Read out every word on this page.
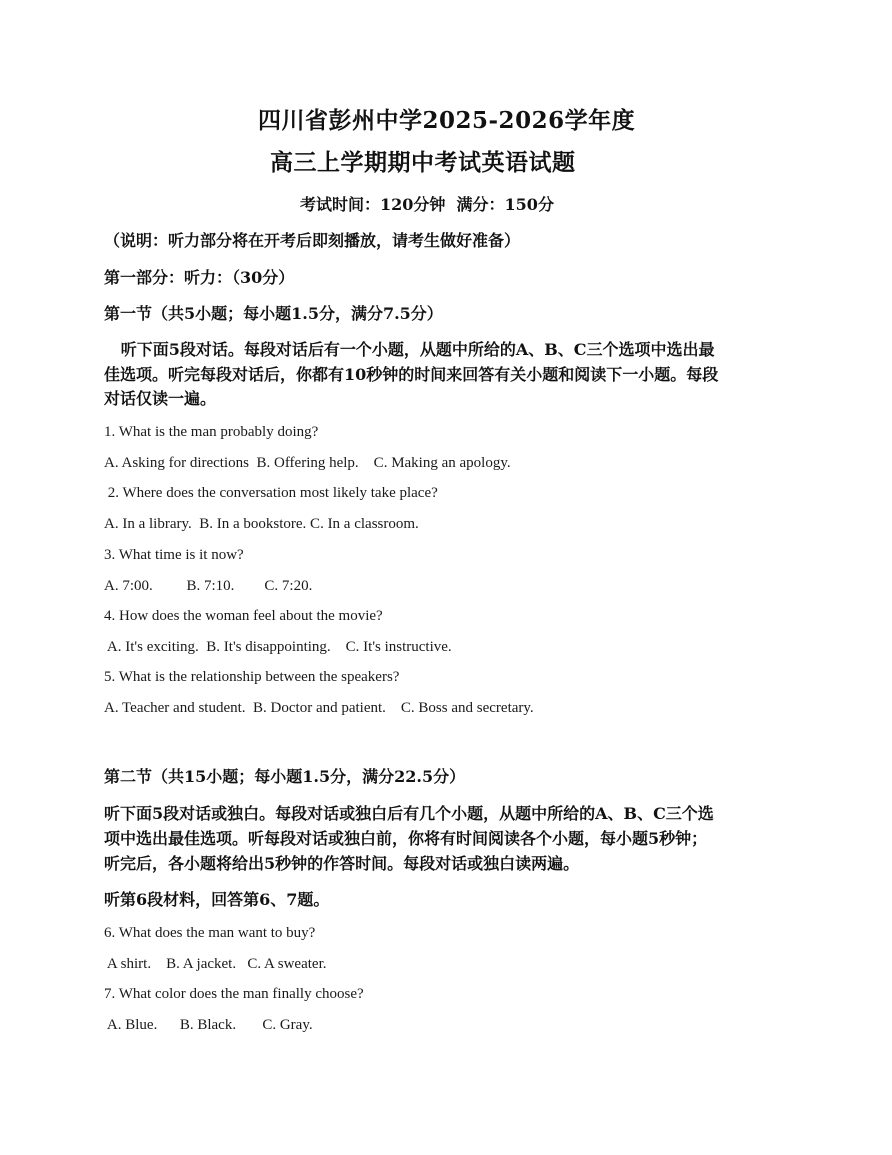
四川省彭州中学2025-2026学年度
高三上学期期中考试英语试题
考试时间：120分钟  满分：150分
（说明：听力部分将在开考后即刻播放，请考生做好准备）
第一部分：听力：（30分）
第一节（共5小题；每小题1.5分，满分7.5分）
听下面5段对话。每段对话后有一个小题，从题中所给的A、B、C三个选项中选出最
佳选项。听完每段对话后，你都有10秒钟的时间来回答有关小题和阅读下一小题。每段
对话仅读一遍。
1. What is the man probably doing?
A. Asking for directions  B. Offering help.    C. Making an apology.
2. Where does the conversation most likely take place?
A. In a library.  B. In a bookstore. C. In a classroom.
3. What time is it now?
A. 7:00.         B. 7:10.        C. 7:20.
4. How does the woman feel about the movie?
A. It's exciting.  B. It's disappointing.    C. It's instructive.
5. What is the relationship between the speakers?
A. Teacher and student.  B. Doctor and patient.    C. Boss and secretary.
第二节（共15小题；每小题1.5分，满分22.5分）
听下面5段对话或独白。每段对话或独白后有几个小题，从题中所给的A、B、C三个选
项中选出最佳选项。听每段对话或独白前，你将有时间阅读各个小题，每小题5秒钟；
听完后，各小题将给出5秒钟的作答时间。每段对话或独白读两遍。
听第6段材料，回答第6、7题。
6. What does the man want to buy?
A shirt.    B. A jacket.   C. A sweater.
7. What color does the man finally choose?
A. Blue.      B. Black.       C. Gray.
